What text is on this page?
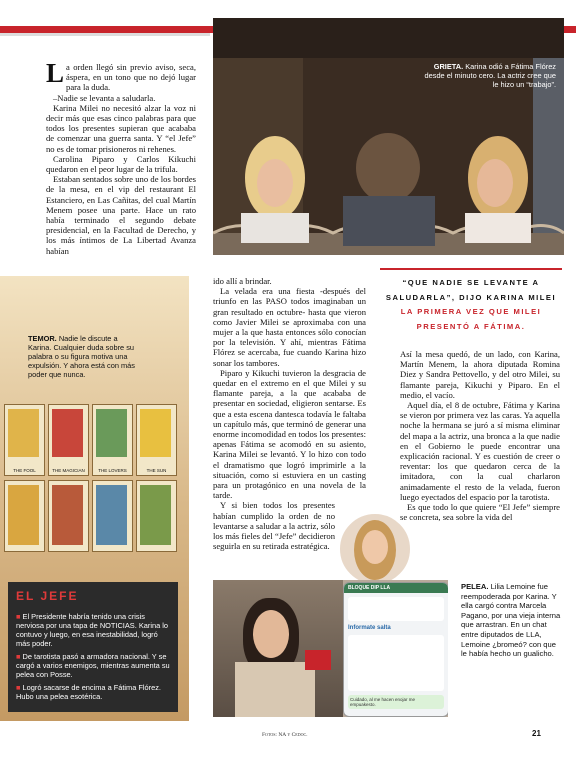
La orden llegó sin previo aviso, seca, áspera, en un tono que no dejó lugar para la duda.

–Nadie se levanta a saludarla.

Karina Milei no necesitó alzar la voz ni decir más que esas cinco palabras para que todos los presentes supieran que acababa de comenzar una guerra santa. Y “el Jefe” no es de tomar prisioneros ni rehenes.

Carolina Piparo y Carlos Kikuchi quedaron en el peor lugar de la trifula.

Estaban sentados sobre uno de los bordes de la mesa, en el vip del restaurant El Estanciero, en Las Cañitas, del cual Martín Menem posee una parte. Hace un rato había terminado el segundo debate presidencial, en la Facultad de Derecho, y los más íntimos de La Libertad Avanza habían

GRIETA. Karina odió a Fátima Flórez desde el minuto cero. La actriz cree que le hizo un “trabajo”.
TEMOR. Nadie le discute a Karina. Cualquier duda sobre su palabra o su figura motiva una expulsión. Y ahora está con más poder que nunca.
THE FOOL	THE MAGICIAN	THE LOVERS	THE SUN
EL JEFE
■ El Presidente habría tenido una crisis nerviosa por una tapa de NOTICIAS. Karina lo contuvo y luego, en esa inestabilidad, logró más poder.
■ De tarotista pasó a armadora nacional. Y se cargó a varios enemigos, mientras aumenta su pelea con Posse.
■ Logró sacarse de encima a Fátima Flórez. Hubo una pelea esotérica.

ido allí a brindar.

La velada era una fiesta -después del triunfo en las PASO todos imaginaban un gran resultado en octubre- hasta que vieron como Javier Milei se aproximaba con una mujer a la que hasta entonces sólo conocían por la televisión. Y ahí, mientras Fátima Flórez se acercaba, fue cuando Karina hizo sonar los tambores.

Piparo y Kikuchi tuvieron la desgracia de quedar en el extremo en el que Milei y su flamante pareja, a la que acababa de presentar en sociedad, eligieron sentarse. Es que a esta escena dantesca todavía le faltaba un capítulo más, que terminó de generar una enorme incomodidad en todos los presentes: apenas Fátima se acomodó en su asiento, Karina Milei se levantó. Y lo hizo con todo el dramatismo que logró imprimirle a la situación, como si estuviera en un casting para un protagónico en una novela de la tarde.

Y si bien todos los presentes habían cumplido la orden de no levantarse a saludar a la actriz, sólo los más fieles del “Jefe” decidieron seguirla en su retirada estratégica.

“QUE NADIE SE LEVANTE A
SALUDARLA”, DIJO KARINA MILEI
LA PRIMERA VEZ QUE MILEI
PRESENTÓ A FÁTIMA.

Así la mesa quedó, de un lado, con Karina, Martín Menem, la ahora diputada Romina Diez y Sandra Pettovello, y del otro Milei, su flamante pareja, Kikuchi y Piparo. En el medio, el vacío.

Aquel día, el 8 de octubre, Fátima y Karina se vieron por primera vez las caras. Ya aquella noche la hermana se juró a sí misma eliminar del mapa a la actriz, una bronca a la que nadie en el Gobierno le puede encontrar una explicación racional. Y es cuestión de creer o reventar: los que quedaron cerca de la imitadora, con la cual charlaron animadamente el resto de la velada, fueron luego eyectados del espacio por la tarotista.

Es que todo lo que quiere “El Jefe” siempre se concreta, sea sobre la vida del

BLOQUE DIP LLA
Informate salta
Cuidado, al me hacen enojar me empuakesto.
PELEA. Lilia Lemoine fue reempoderada por Karina. Y ella cargó contra Marcela Pagano, por una vieja interna que arrastran. En un chat entre diputados de LLA, Lemoine ¿bromeó? con que le había hecho un gualicho.
Fotos: NA y Cedoc.	21
